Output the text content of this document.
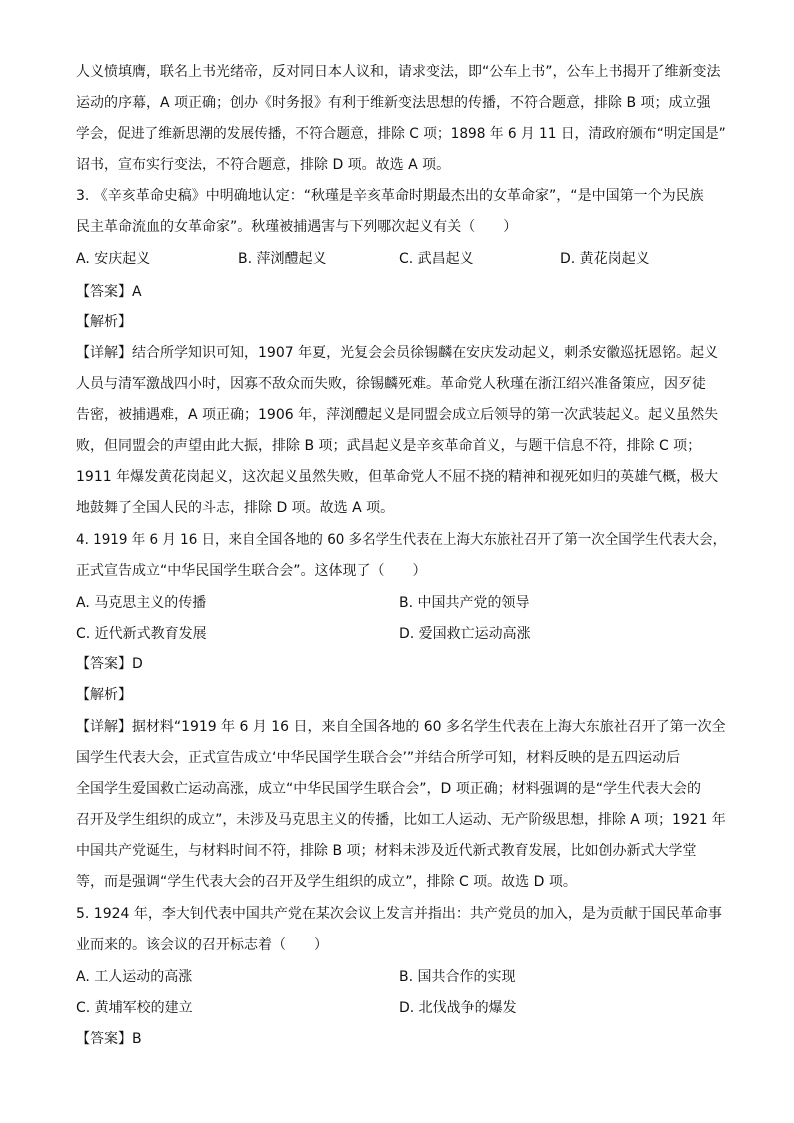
人义愤填膺，联名上书光绪帝，反对同日本人议和，请求变法，即“公车上书”，公车上书揭开了维新变法
运动的序幕，A 项正确；创办《时务报》有利于维新变法思想的传播，不符合题意，排除 B 项；成立强
学会，促进了维新思潮的发展传播，不符合题意，排除 C 项；1898 年 6 月 11 日，清政府颁布“明定国是”
诏书，宣布实行变法，不符合题意，排除 D 项。故选 A 项。
3. 《辛亥革命史稿》中明确地认定：“秋瑾是辛亥革命时期最杰出的女革命家”，“是中国第一个为民族
民主革命流血的女革命家”。秋瑾被捕遇害与下列哪次起义有关（　　）
A. 安庆起义	B. 萍浏醴起义	C. 武昌起义	D. 黄花岗起义
【答案】A
【解析】
【详解】结合所学知识可知，1907 年夏，光复会会员徐锡麟在安庆发动起义，刺杀安徽巡抚恩铭。起义
人员与清军激战四小时，因寡不敌众而失败，徐锡麟死难。革命党人秋瑾在浙江绍兴准备策应，因歹徒
告密，被捕遇难，A 项正确；1906 年，萍浏醴起义是同盟会成立后领导的第一次武装起义。起义虽然失
败，但同盟会的声望由此大振，排除 B 项；武昌起义是辛亥革命首义，与题干信息不符，排除 C 项；
1911 年爆发黄花岗起义，这次起义虽然失败，但革命党人不屈不挠的精神和视死如归的英雄气概，极大
地鼓舞了全国人民的斗志，排除 D 项。故选 A 项。
4. 1919 年 6 月 16 日，来自全国各地的 60 多名学生代表在上海大东旅社召开了第一次全国学生代表大会，
正式宣告成立“中华民国学生联合会”。这体现了（　　）
A. 马克思主义的传播	B. 中国共产党的领导
C. 近代新式教育发展	D. 爱国救亡运动高涨
【答案】D
【解析】
【详解】据材料“1919 年 6 月 16 日，来自全国各地的 60 多名学生代表在上海大东旅社召开了第一次全
国学生代表大会，正式宣告成立‘中华民国学生联合会’”并结合所学可知，材料反映的是五四运动后
全国学生爱国救亡运动高涨，成立“中华民国学生联合会”，D 项正确；材料强调的是“学生代表大会的
召开及学生组织的成立”，未涉及马克思主义的传播，比如工人运动、无产阶级思想，排除 A 项；1921 年
中国共产党诞生，与材料时间不符，排除 B 项；材料未涉及近代新式教育发展，比如创办新式大学堂
等，而是强调“学生代表大会的召开及学生组织的成立”，排除 C 项。故选 D 项。
5. 1924 年，李大钊代表中国共产党在某次会议上发言并指出：共产党员的加入，是为贡献于国民革命事
业而来的。该会议的召开标志着（　　）
A. 工人运动的高涨	B. 国共合作的实现
C. 黄埔军校的建立	D. 北伐战争的爆发
【答案】B
